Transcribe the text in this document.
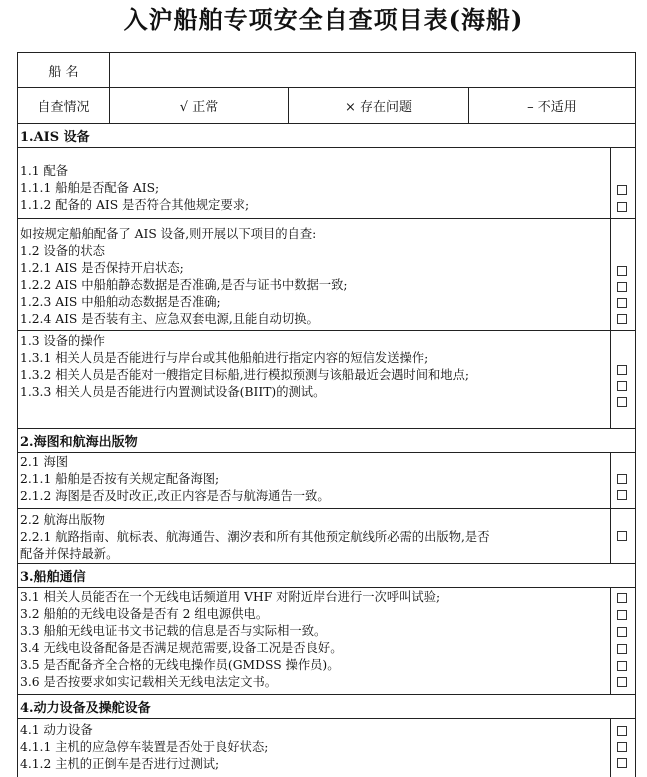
入沪船舶专项安全自查项目表(海船)
船 名
自查情况	√ 正常	× 存在问题	– 不适用
1.AIS 设备
1.1 配备
1.1.1 船舶是否配备 AIS;
1.1.2 配备的 AIS 是否符合其他规定要求;
如按规定船舶配备了 AIS 设备,则开展以下项目的自查:
1.2 设备的状态
1.2.1 AIS 是否保持开启状态;
1.2.2 AIS 中船舶静态数据是否准确,是否与证书中数据一致;
1.2.3 AIS 中船舶动态数据是否准确;
1.2.4 AIS 是否装有主、应急双套电源,且能自动切换。
1.3 设备的操作
1.3.1 相关人员是否能进行与岸台或其他船舶进行指定内容的短信发送操作;
1.3.2 相关人员是否能对一艘指定目标船,进行模拟预测与该船最近会遇时间和地点;
1.3.3 相关人员是否能进行内置测试设备(BIIT)的测试。
2.海图和航海出版物
2.1 海图
2.1.1 船舶是否按有关规定配备海图;
2.1.2 海图是否及时改正,改正内容是否与航海通告一致。
2.2 航海出版物
2.2.1 航路指南、航标表、航海通告、潮汐表和所有其他预定航线所必需的出版物,是否
配备并保持最新。
3.船舶通信
3.1 相关人员能否在一个无线电话频道用 VHF 对附近岸台进行一次呼叫试验;
3.2 船舶的无线电设备是否有 2 组电源供电。
3.3 船舶无线电证书文书记载的信息是否与实际相一致。
3.4 无线电设备配备是否满足规范需要,设备工况是否良好。
3.5 是否配备齐全合格的无线电操作员(GMDSS 操作员)。
3.6 是否按要求如实记载相关无线电法定文书。
4.动力设备及操舵设备
4.1 动力设备
4.1.1 主机的应急停车装置是否处于良好状态;
4.1.2 主机的正倒车是否进行过测试;
